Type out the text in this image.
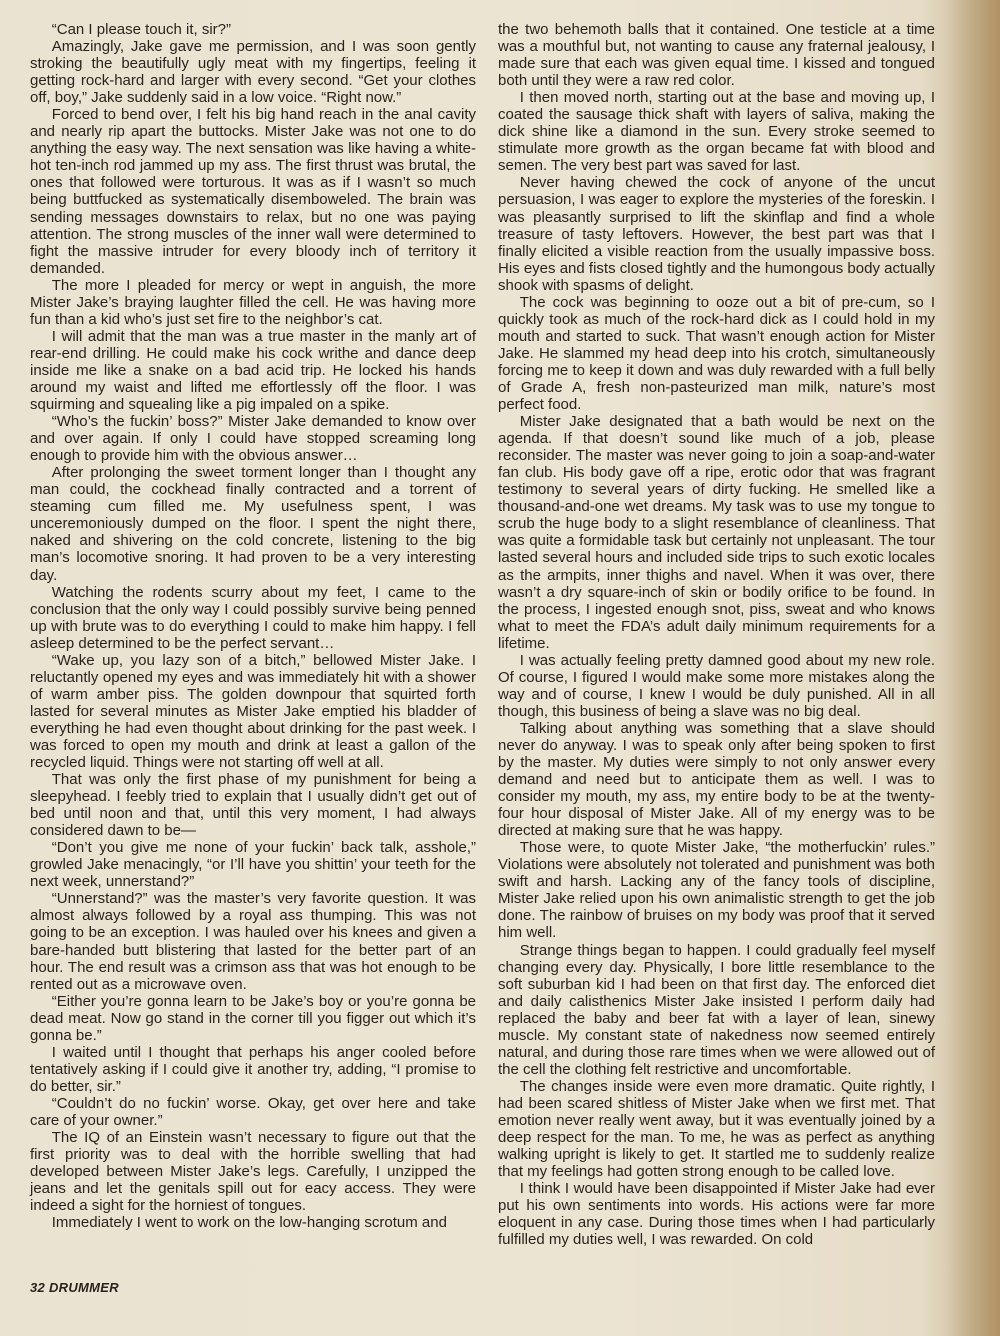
“Can I please touch it, sir?”

Amazingly, Jake gave me permission, and I was soon gently stroking the beautifully ugly meat with my fingertips, feeling it getting rock-hard and larger with every second. “Get your clothes off, boy,” Jake suddenly said in a low voice. “Right now.”

Forced to bend over, I felt his big hand reach in the anal cavity and nearly rip apart the buttocks. Mister Jake was not one to do anything the easy way. The next sensation was like having a white-hot ten-inch rod jammed up my ass. The first thrust was brutal, the ones that followed were torturous. It was as if I wasn’t so much being buttfucked as systematically disemboweled. The brain was sending messages downstairs to relax, but no one was paying attention. The strong muscles of the inner wall were determined to fight the massive intruder for every bloody inch of territory it demanded.

The more I pleaded for mercy or wept in anguish, the more Mister Jake’s braying laughter filled the cell. He was having more fun than a kid who’s just set fire to the neighbor’s cat.

I will admit that the man was a true master in the manly art of rear-end drilling. He could make his cock writhe and dance deep inside me like a snake on a bad acid trip. He locked his hands around my waist and lifted me effortlessly off the floor. I was squirming and squealing like a pig impaled on a spike.

“Who’s the fuckin’ boss?” Mister Jake demanded to know over and over again. If only I could have stopped screaming long enough to provide him with the obvious answer…

After prolonging the sweet torment longer than I thought any man could, the cockhead finally contracted and a torrent of steaming cum filled me. My usefulness spent, I was unceremoniously dumped on the floor. I spent the night there, naked and shivering on the cold concrete, listening to the big man’s locomotive snoring. It had proven to be a very interesting day.

Watching the rodents scurry about my feet, I came to the conclusion that the only way I could possibly survive being penned up with brute was to do everything I could to make him happy. I fell asleep determined to be the perfect servant…

“Wake up, you lazy son of a bitch,” bellowed Mister Jake. I reluctantly opened my eyes and was immediately hit with a shower of warm amber piss. The golden downpour that squirted forth lasted for several minutes as Mister Jake emptied his bladder of everything he had even thought about drinking for the past week. I was forced to open my mouth and drink at least a gallon of the recycled liquid. Things were not starting off well at all.

That was only the first phase of my punishment for being a sleepyhead. I feebly tried to explain that I usually didn’t get out of bed until noon and that, until this very moment, I had always considered dawn to be—

“Don’t you give me none of your fuckin’ back talk, asshole,” growled Jake menacingly, “or I’ll have you shittin’ your teeth for the next week, unnerstand?”

“Unnerstand?” was the master’s very favorite question. It was almost always followed by a royal ass thumping. This was not going to be an exception. I was hauled over his knees and given a bare-handed butt blistering that lasted for the better part of an hour. The end result was a crimson ass that was hot enough to be rented out as a microwave oven.

“Either you’re gonna learn to be Jake’s boy or you’re gonna be dead meat. Now go stand in the corner till you figger out which it’s gonna be.”

I waited until I thought that perhaps his anger cooled before tentatively asking if I could give it another try, adding, “I promise to do better, sir.”

“Couldn’t do no fuckin’ worse. Okay, get over here and take care of your owner.”

The IQ of an Einstein wasn’t necessary to figure out that the first priority was to deal with the horrible swelling that had developed between Mister Jake’s legs. Carefully, I unzipped the jeans and let the genitals spill out for eacy access. They were indeed a sight for the horniest of tongues.

Immediately I went to work on the low-hanging scrotum and

the two behemoth balls that it contained. One testicle at a time was a mouthful but, not wanting to cause any fraternal jealousy, I made sure that each was given equal time. I kissed and tongued both until they were a raw red color.

I then moved north, starting out at the base and moving up, I coated the sausage thick shaft with layers of saliva, making the dick shine like a diamond in the sun. Every stroke seemed to stimulate more growth as the organ became fat with blood and semen. The very best part was saved for last.

Never having chewed the cock of anyone of the uncut persuasion, I was eager to explore the mysteries of the foreskin. I was pleasantly surprised to lift the skinflap and find a whole treasure of tasty leftovers. However, the best part was that I finally elicited a visible reaction from the usually impassive boss. His eyes and fists closed tightly and the humongous body actually shook with spasms of delight.

The cock was beginning to ooze out a bit of pre-cum, so I quickly took as much of the rock-hard dick as I could hold in my mouth and started to suck. That wasn’t enough action for Mister Jake. He slammed my head deep into his crotch, simultaneously forcing me to keep it down and was duly rewarded with a full belly of Grade A, fresh non-pasteurized man milk, nature’s most perfect food.

Mister Jake designated that a bath would be next on the agenda. If that doesn’t sound like much of a job, please reconsider. The master was never going to join a soap-and-water fan club. His body gave off a ripe, erotic odor that was fragrant testimony to several years of dirty fucking. He smelled like a thousand-and-one wet dreams. My task was to use my tongue to scrub the huge body to a slight resemblance of cleanliness. That was quite a formidable task but certainly not unpleasant. The tour lasted several hours and included side trips to such exotic locales as the armpits, inner thighs and navel. When it was over, there wasn’t a dry square-inch of skin or bodily orifice to be found. In the process, I ingested enough snot, piss, sweat and who knows what to meet the FDA’s adult daily minimum requirements for a lifetime.

I was actually feeling pretty damned good about my new role. Of course, I figured I would make some more mistakes along the way and of course, I knew I would be duly punished. All in all though, this business of being a slave was no big deal.

Talking about anything was something that a slave should never do anyway. I was to speak only after being spoken to first by the master. My duties were simply to not only answer every demand and need but to anticipate them as well. I was to consider my mouth, my ass, my entire body to be at the twenty-four hour disposal of Mister Jake. All of my energy was to be directed at making sure that he was happy.

Those were, to quote Mister Jake, “the motherfuckin’ rules.” Violations were absolutely not tolerated and punishment was both swift and harsh. Lacking any of the fancy tools of discipline, Mister Jake relied upon his own animalistic strength to get the job done. The rainbow of bruises on my body was proof that it served him well.

Strange things began to happen. I could gradually feel myself changing every day. Physically, I bore little resemblance to the soft suburban kid I had been on that first day. The enforced diet and daily calisthenics Mister Jake insisted I perform daily had replaced the baby and beer fat with a layer of lean, sinewy muscle. My constant state of nakedness now seemed entirely natural, and during those rare times when we were allowed out of the cell the clothing felt restrictive and uncomfortable.

The changes inside were even more dramatic. Quite rightly, I had been scared shitless of Mister Jake when we first met. That emotion never really went away, but it was eventually joined by a deep respect for the man. To me, he was as perfect as anything walking upright is likely to get. It startled me to suddenly realize that my feelings had gotten strong enough to be called love.

I think I would have been disappointed if Mister Jake had ever put his own sentiments into words. His actions were far more eloquent in any case. During those times when I had particularly fulfilled my duties well, I was rewarded. On cold

32 DRUMMER
